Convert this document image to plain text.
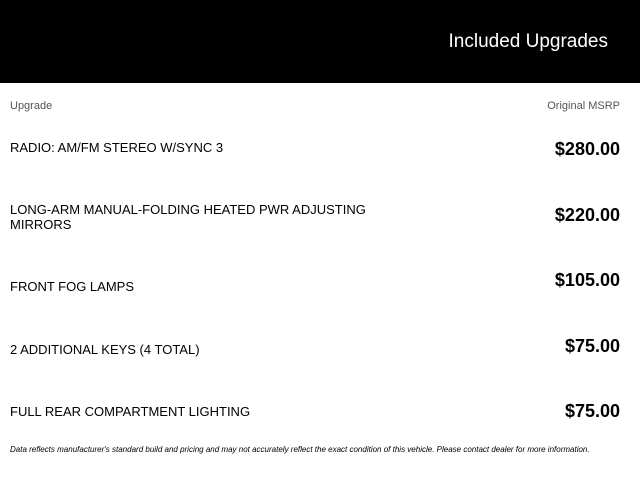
Included Upgrades
Upgrade	Original MSRP
RADIO: AM/FM STEREO W/SYNC 3	$280.00
LONG-ARM MANUAL-FOLDING HEATED PWR ADJUSTING MIRRORS	$220.00
FRONT FOG LAMPS	$105.00
2 ADDITIONAL KEYS (4 TOTAL)	$75.00
FULL REAR COMPARTMENT LIGHTING	$75.00
Data reflects manufacturer's standard build and pricing and may not accurately reflect the exact condition of this vehicle. Please contact dealer for more information.
